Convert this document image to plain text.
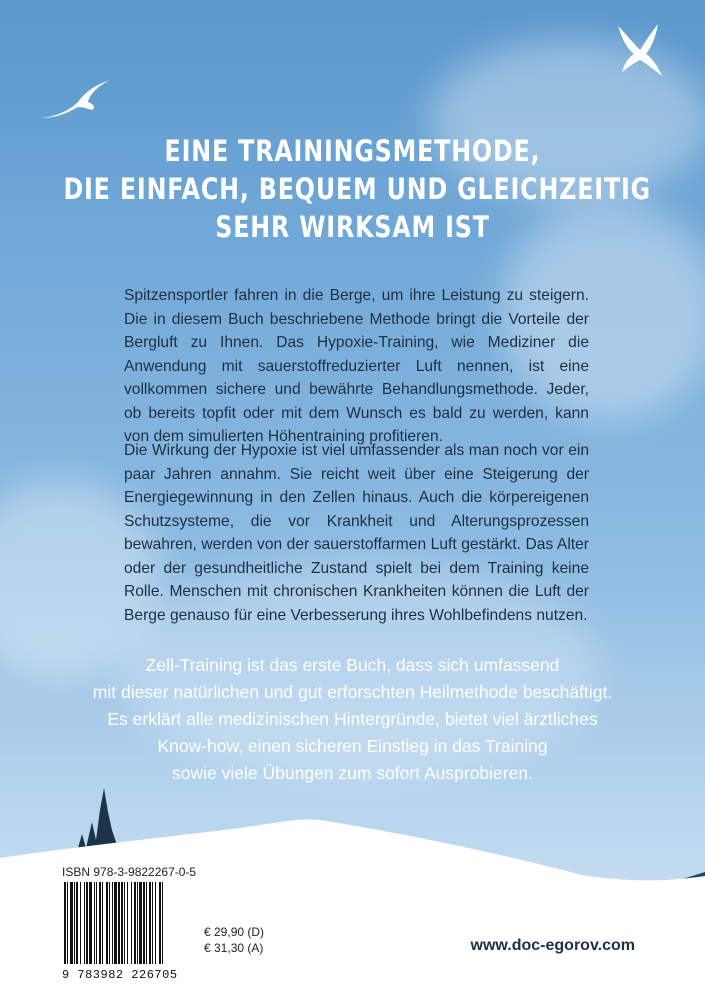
EINE TRAININGSMETHODE,
DIE EINFACH, BEQUEM UND GLEICHZEITIG
SEHR WIRKSAM IST

Spitzensportler fahren in die Berge, um ihre Leistung zu steigern. Die in diesem Buch beschriebene Methode bringt die Vorteile der Bergluft zu Ihnen. Das Hypoxie-Training, wie Mediziner die Anwendung mit sauerstoffreduzierter Luft nennen, ist eine vollkommen sichere und bewährte Behandlungsmethode. Jeder, ob bereits topfit oder mit dem Wunsch es bald zu werden, kann von dem simulierten Höhentraining profitieren.

Die Wirkung der Hypoxie ist viel umfassender als man noch vor ein paar Jahren annahm. Sie reicht weit über eine Steigerung der Energiegewinnung in den Zellen hinaus. Auch die körpereigenen Schutzsysteme, die vor Krankheit und Alterungsprozessen bewahren, werden von der sauerstoffarmen Luft gestärkt. Das Alter oder der gesundheitliche Zustand spielt bei dem Training keine Rolle. Menschen mit chronischen Krankheiten können die Luft der Berge genauso für eine Verbesserung ihres Wohlbefindens nutzen.

Zell-Training ist das erste Buch, dass sich umfassend
mit dieser natürlichen und gut erforschten Heilmethode beschäftigt.
Es erklärt alle medizinischen Hintergründe, bietet viel ärztliches
Know-how, einen sicheren Einstieg in das Training
sowie viele Übungen zum sofort Ausprobieren.
ISBN 978-3-9822267-0-5
9 783982 226705
€ 29,90 (D)
€ 31,30 (A)	www.doc-egorov.com
